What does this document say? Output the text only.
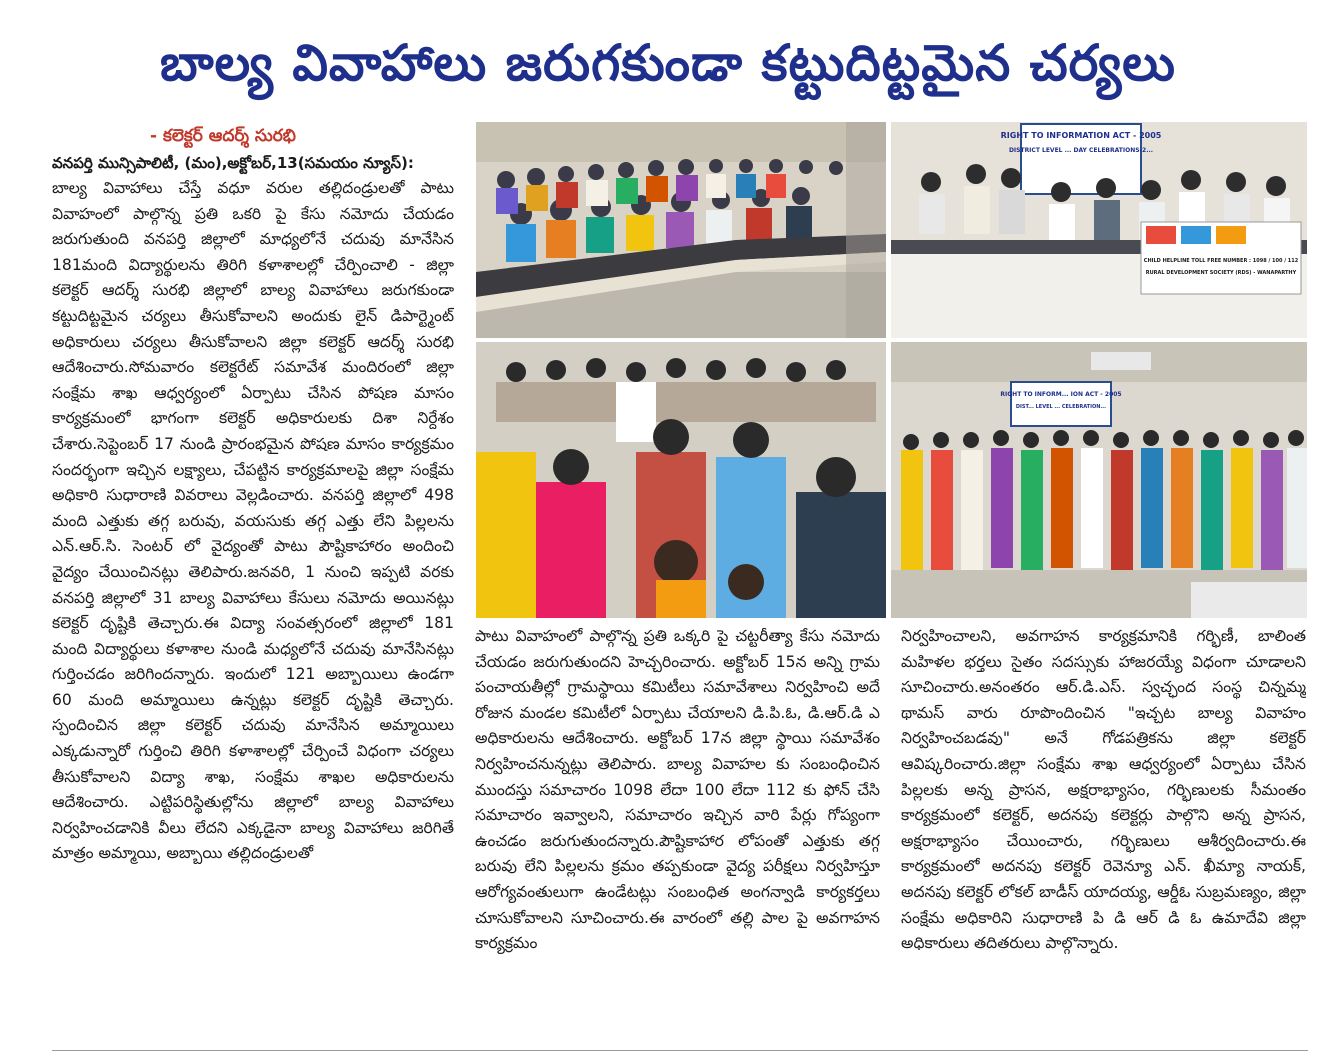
బాల్య వివాహాలు జరుగకుండా కట్టుదిట్టమైన చర్యలు
- కలెక్టర్ ఆదర్శ్ సురభి
వనపర్తి మున్సిపాలిటీ, (మం),అక్టోబర్,13(సమయం న్యూస్):
బాల్య వివాహాలు చేస్తే వధూ వరుల తల్లిదండ్రులతో పాటు వివాహంలో పాల్గొన్న ప్రతి ఒకరి పై కేసు నమోదు చేయడం జరుగుతుంది వనపర్తి జిల్లాలో మాధ్యలోనే చదువు మానేసిన 181మంది విద్యార్థులను తిరిగి కళాశాలల్లో చేర్పించాలి - జిల్లా కలెక్టర్ ఆదర్శ్ సురభి జిల్లాలో బాల్య వివాహాలు జరుగకుండా కట్టుదిట్టమైన చర్యలు తీసుకోవాలని అందుకు లైన్ డిపార్ట్మెంట్ అధికారులు చర్యలు తీసుకోవాలని జిల్లా కలెక్టర్ ఆదర్శ్ సురభి ఆదేశించారు.సోమవారం కలెక్టరేట్ సమావేశ మందిరంలో జిల్లా సంక్షేమ శాఖ ఆధ్వర్యంలో ఏర్పాటు చేసిన పోషణ మాసం కార్యక్రమంలో భాగంగా కలెక్టర్ అధికారులకు దిశా నిర్దేశం చేశారు.సెప్టెంబర్ 17 నుండి ప్రారంభమైన పోషణ మాసం కార్యక్రమం సందర్భంగా ఇచ్చిన లక్ష్యాలు, చేపట్టిన కార్యక్రమాలపై జిల్లా సంక్షేమ అధికారి సుధారాణి వివరాలు వెల్లడించారు. వనపర్తి జిల్లాలో 498 మంది ఎత్తుకు తగ్గ బరువు, వయసుకు తగ్గ ఎత్తు లేని పిల్లలను ఎన్.ఆర్.సి. సెంటర్ లో వైద్యంతో పాటు పౌష్టికాహారం అందించి వైద్యం చేయించినట్లు తెలిపారు.జనవరి, 1 నుంచి ఇప్పటి వరకు వనపర్తి జిల్లాలో 31 బాల్య వివాహాలు కేసులు నమోదు అయినట్లు కలెక్టర్ దృష్టికి తెచ్చారు.ఈ విద్యా సంవత్సరంలో జిల్లాలో 181 మంది విద్యార్థులు కళాశాల నుండి మధ్యలోనే చదువు మానేసినట్లు గుర్తించడం జరిగిందన్నారు. ఇందులో 121 అబ్బాయిలు ఉండగా 60 మంది అమ్మాయిలు ఉన్నట్లు కలెక్టర్ దృష్టికి తెచ్చారు. స్పందించిన జిల్లా కలెక్టర్ చదువు మానేసిన అమ్మాయిలు ఎక్కడున్నారో గుర్తించి తిరిగి కళాశాలల్లో చేర్పించే విధంగా చర్యలు తీసుకోవాలని విద్యా శాఖ, సంక్షేమ శాఖల అధికారులను ఆదేశించారు. ఎట్టిపరిస్థితుల్లోను జిల్లాలో బాల్య వివాహాలు నిర్వహించడానికి వీలు లేదని ఎక్కడైనా బాల్య వివాహాలు జరిగితే మాత్రం అమ్మాయి, అబ్బాయి తల్లిదండ్రులతో
RIGHT TO INFORMATION ACT - 2005
DISTRICT LEVEL ... DAY CELEBRATIONS-2...
CHILD HELPLINE TOLL FREE NUMBER : 1098 / 100 / 112
RURAL DEVELOPMENT SOCIETY (RDS) - WANAPARTHY
RIGHT TO INFORM... ION ACT - 2005
DIST... LEVEL ... CELEBRATION...
పాటు వివాహంలో పాల్గొన్న ప్రతి ఒక్కరి పై చట్టరీత్యా కేసు నమోదు చేయడం జరుగుతుందని హెచ్చరించారు. అక్టోబర్ 15న అన్ని గ్రామ పంచాయతీల్లో గ్రామస్థాయి కమిటీలు సమావేశాలు నిర్వహించి అదే రోజున మండల కమిటీలో ఏర్పాటు చేయాలని డి.పి.ఓ, డి.ఆర్.డి ఎ అధికారులను ఆదేశించారు. అక్టోబర్ 17న జిల్లా స్థాయి సమావేశం నిర్వహించనున్నట్లు తెలిపారు. బాల్య వివాహల కు సంబంధించిన ముందస్తు సమాచారం 1098 లేదా 100 లేదా 112 కు ఫోన్ చేసి సమాచారం ఇవ్వాలని, సమాచారం ఇచ్చిన వారి పేర్లు గోప్యంగా ఉంచడం జరుగుతుందన్నారు.పౌష్టికాహార లోపంతో ఎత్తుకు తగ్గ బరువు లేని పిల్లలను క్రమం తప్పకుండా వైద్య పరీక్షలు నిర్వహిస్తూ ఆరోగ్యవంతులుగా ఉండేటట్లు సంబంధిత అంగన్వాడి కార్యకర్తలు చూసుకోవాలని సూచించారు.ఈ వారంలో తల్లి పాల పై అవగాహన కార్యక్రమం
నిర్వహించాలని, అవగాహన కార్యక్రమానికి గర్భిణీ, బాలింత మహిళల భర్తలు సైతం సదస్సుకు హాజరయ్యే విధంగా చూడాలని సూచించారు.అనంతరం ఆర్.డి.ఎస్. స్వచ్ఛంద సంస్థ చిన్నమ్మ థామస్ వారు రూపొందించిన "ఇచ్చట బాల్య వివాహం నిర్వహించబడవు" అనే గోడపత్రికను జిల్లా కలెక్టర్ ఆవిష్కరించారు.జిల్లా సంక్షేమ శాఖ ఆధ్వర్యంలో ఏర్పాటు చేసిన పిల్లలకు అన్న ప్రాసన, అక్షరాభ్యాసం, గర్భిణులకు సీమంతం కార్యక్రమంలో కలెక్టర్, అదనపు కలెక్టర్లు పాల్గొని అన్న ప్రాసన, అక్షరాభ్యాసం చేయించారు, గర్భిణులు ఆశీర్వదించారు.ఈ కార్యక్రమంలో అదనపు కలెక్టర్ రెవెన్యూ ఎన్. ఖీమ్యా నాయక్, అదనపు కలెక్టర్ లోకల్ బాడీస్ యాదయ్య, ఆర్డీఓ సుబ్రమణ్యం, జిల్లా సంక్షేమ అధికారిని సుధారాణి పి డి ఆర్ డి ఓ ఉమాదేవి జిల్లా అధికారులు తదితరులు పాల్గొన్నారు.
